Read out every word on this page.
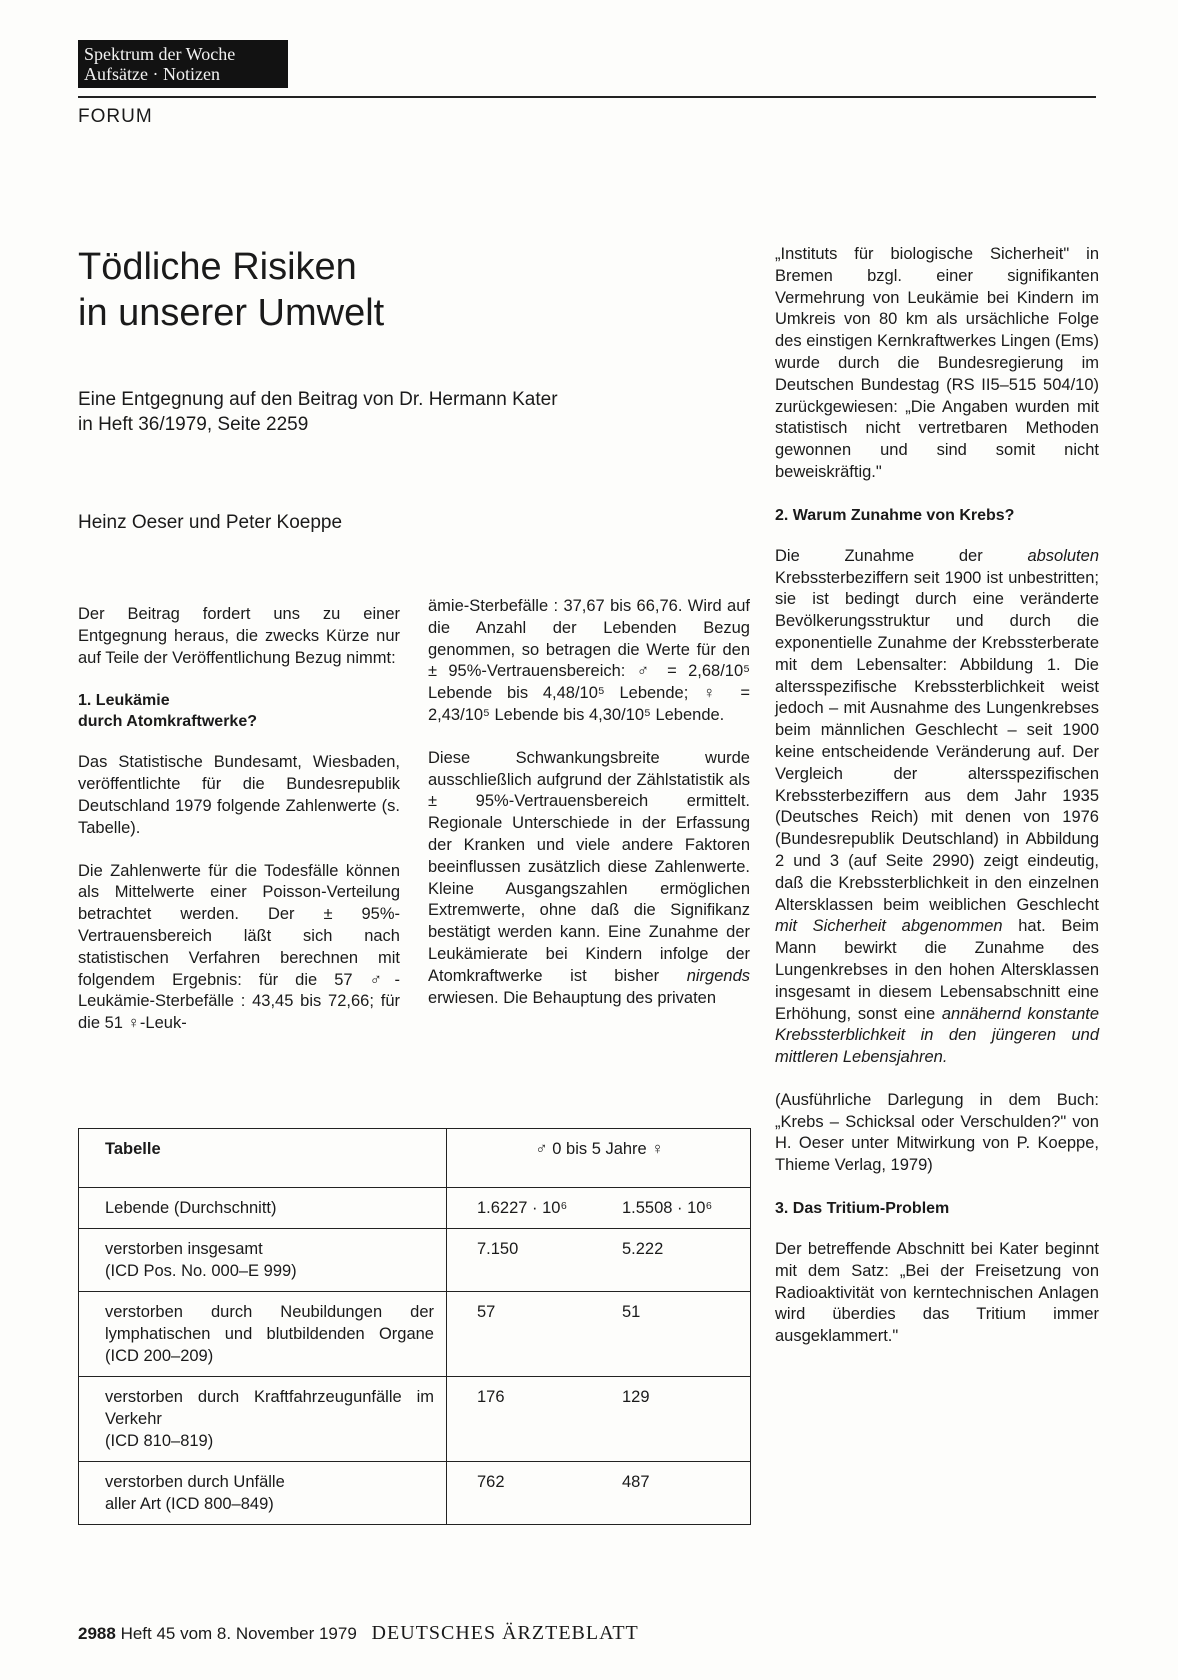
Spektrum der Woche
Aufsätze · Notizen
FORUM
Tödliche Risiken
in unserer Umwelt
Eine Entgegnung auf den Beitrag von Dr. Hermann Kater
in Heft 36/1979, Seite 2259
Heinz Oeser und Peter Koeppe

Der Beitrag fordert uns zu einer Entgegnung heraus, die zwecks Kürze nur auf Teile der Veröffentlichung Bezug nimmt:

1. Leukämie
durch Atomkraftwerke?

Das Statistische Bundesamt, Wiesbaden, veröffentlichte für die Bundesrepublik Deutschland 1979 folgende Zahlenwerte (s. Tabelle).

Die Zahlenwerte für die Todesfälle können als Mittelwerte einer Poisson-Verteilung betrachtet werden. Der ± 95%-Vertrauensbereich läßt sich nach statistischen Verfahren berechnen mit folgendem Ergebnis: für die 57 ♂-Leukämie-Sterbefälle : 43,45 bis 72,66; für die 51 ♀-Leuk-

ämie-Sterbefälle : 37,67 bis 66,76. Wird auf die Anzahl der Lebenden Bezug genommen, so betragen die Werte für den ± 95%-Vertrauensbereich: ♂ = 2,68/10⁵ Lebende bis 4,48/10⁵ Lebende; ♀ = 2,43/10⁵ Lebende bis 4,30/10⁵ Lebende.

Diese Schwankungsbreite wurde ausschließlich aufgrund der Zählstatistik als ± 95%-Vertrauensbereich ermittelt. Regionale Unterschiede in der Erfassung der Kranken und viele andere Faktoren beeinflussen zusätzlich diese Zahlenwerte. Kleine Ausgangszahlen ermöglichen Extremwerte, ohne daß die Signifikanz bestätigt werden kann. Eine Zunahme der Leukämierate bei Kindern infolge der Atomkraftwerke ist bisher nirgends erwiesen. Die Behauptung des privaten

„Instituts für biologische Sicherheit" in Bremen bzgl. einer signifikanten Vermehrung von Leukämie bei Kindern im Umkreis von 80 km als ursächliche Folge des einstigen Kernkraftwerkes Lingen (Ems) wurde durch die Bundesregierung im Deutschen Bundestag (RS II5–515 504/10) zurückgewiesen: „Die Angaben wurden mit statistisch nicht vertretbaren Methoden gewonnen und sind somit nicht beweiskräftig."

2. Warum Zunahme von Krebs?

Die Zunahme der absoluten Krebssterbeziffern seit 1900 ist unbestritten; sie ist bedingt durch eine veränderte Bevölkerungsstruktur und durch die exponentielle Zunahme der Krebssterberate mit dem Lebensalter: Abbildung 1. Die altersspezifische Krebssterblichkeit weist jedoch – mit Ausnahme des Lungenkrebses beim männlichen Geschlecht – seit 1900 keine entscheidende Veränderung auf. Der Vergleich der altersspezifischen Krebssterbeziffern aus dem Jahr 1935 (Deutsches Reich) mit denen von 1976 (Bundesrepublik Deutschland) in Abbildung 2 und 3 (auf Seite 2990) zeigt eindeutig, daß die Krebssterblichkeit in den einzelnen Altersklassen beim weiblichen Geschlecht mit Sicherheit abgenommen hat. Beim Mann bewirkt die Zunahme des Lungenkrebses in den hohen Altersklassen insgesamt in diesem Lebensabschnitt eine Erhöhung, sonst eine annähernd konstante Krebssterblichkeit in den jüngeren und mittleren Lebensjahren.

(Ausführliche Darlegung in dem Buch: „Krebs – Schicksal oder Verschulden?" von H. Oeser unter Mitwirkung von P. Koeppe, Thieme Verlag, 1979)

3. Das Tritium-Problem

Der betreffende Abschnitt bei Kater beginnt mit dem Satz: „Bei der Freisetzung von Radioaktivität von kerntechnischen Anlagen wird überdies das Tritium immer ausgeklammert."

Tabelle	♂ 0 bis 5 Jahre ♀
Lebende (Durchschnitt)	1.6227 · 10⁶ 1.5508 · 10⁶

verstorben insgesamt
(ICD Pos. No. 000–E 999)	7.150 5.222

verstorben durch Neubildungen der lymphatischen und blutbildenden Organe (ICD 200–209)	57 51

verstorben durch Kraftfahrzeugunfälle im Verkehr
(ICD 810–819)	176 129

verstorben durch Unfälle
aller Art (ICD 800–849)	762 487
2988 Heft 45 vom 8. November 1979 DEUTSCHES ÄRZTEBLATT
